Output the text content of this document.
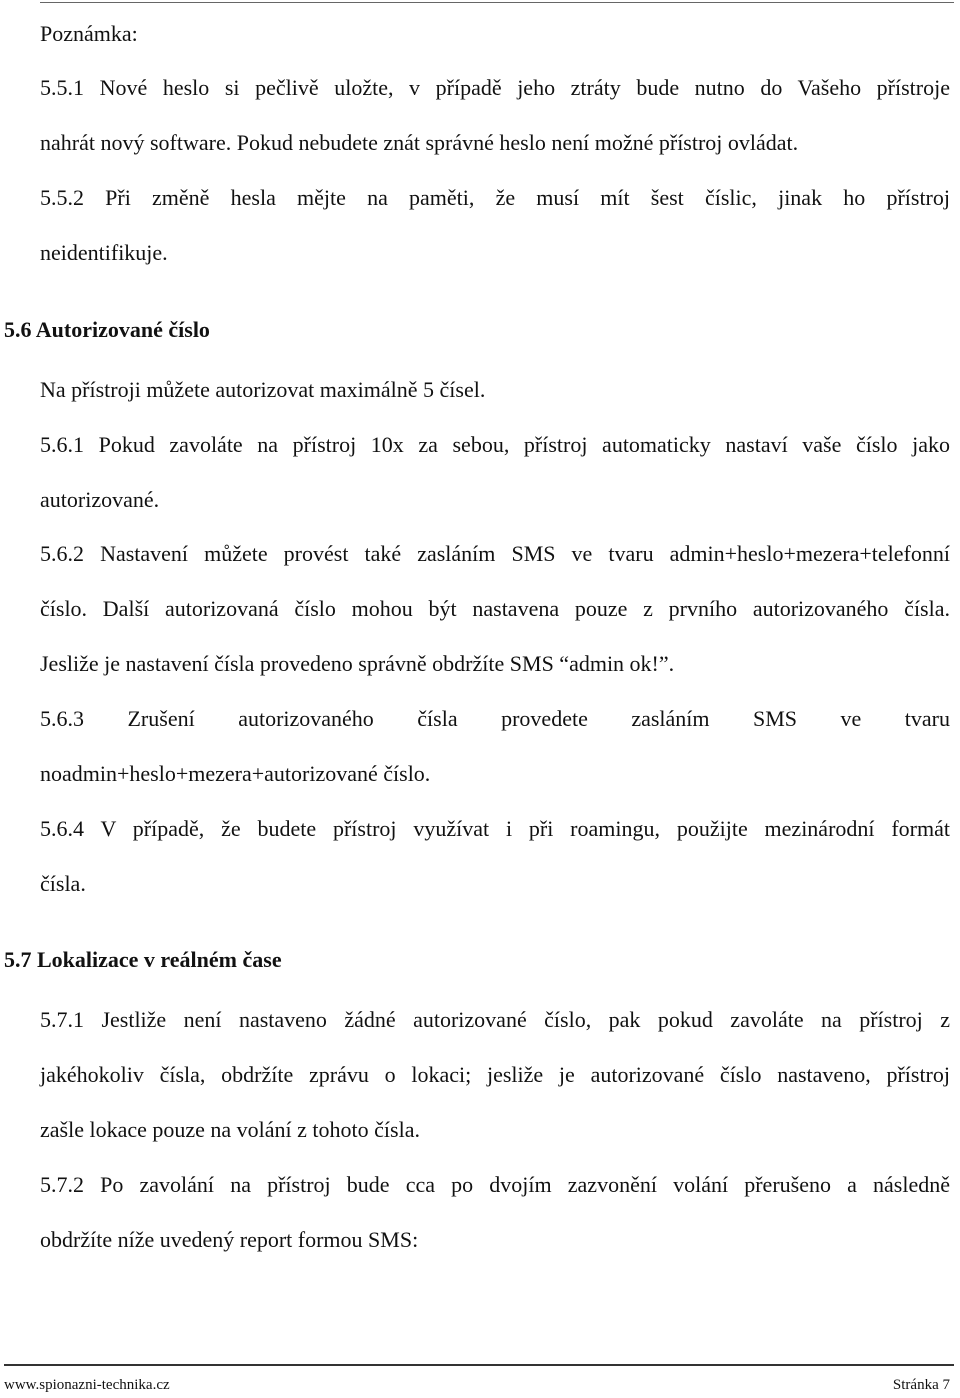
Poznámka:
5.5.1 Nové heslo si pečlivě uložte, v případě jeho ztráty bude nutno do Vašeho přístroje
nahrát nový software. Pokud nebudete znát správné heslo není možné přístroj ovládat.
5.5.2 Při změně hesla mějte na paměti, že musí mít šest číslic, jinak ho přístroj
neidentifikuje.
5.6 Autorizované číslo
Na přístroji můžete autorizovat maximálně 5 čísel.
5.6.1 Pokud zavoláte na přístroj 10x za sebou, přístroj automaticky nastaví vaše číslo jako
autorizované.
5.6.2 Nastavení můžete provést také zasláním SMS ve tvaru admin+heslo+mezera+telefonní
číslo. Další autorizovaná číslo mohou být nastavena pouze z prvního autorizovaného čísla.
Jesliže je nastavení čísla provedeno správně obdržíte SMS “admin ok!”.
5.6.3 Zrušení autorizovaného čísla provedete zasláním SMS ve tvaru
noadmin+heslo+mezera+autorizované číslo.
5.6.4 V případě, že budete přístroj využívat i při roamingu, použijte mezinárodní formát
čísla.
5.7 Lokalizace v reálném čase
5.7.1 Jestliže není nastaveno žádné autorizované číslo, pak pokud zavoláte na přístroj z
jakéhokoliv čísla, obdržíte zprávu o lokaci; jesliže je autorizované číslo nastaveno, přístroj
zašle lokace pouze na volání z tohoto čísla.
5.7.2 Po zavolání na přístroj bude cca po dvojím zazvonění volání přerušeno a následně
obdržíte níže uvedený report formou SMS:
www.spionazni-technika.cz	Stránka 7
